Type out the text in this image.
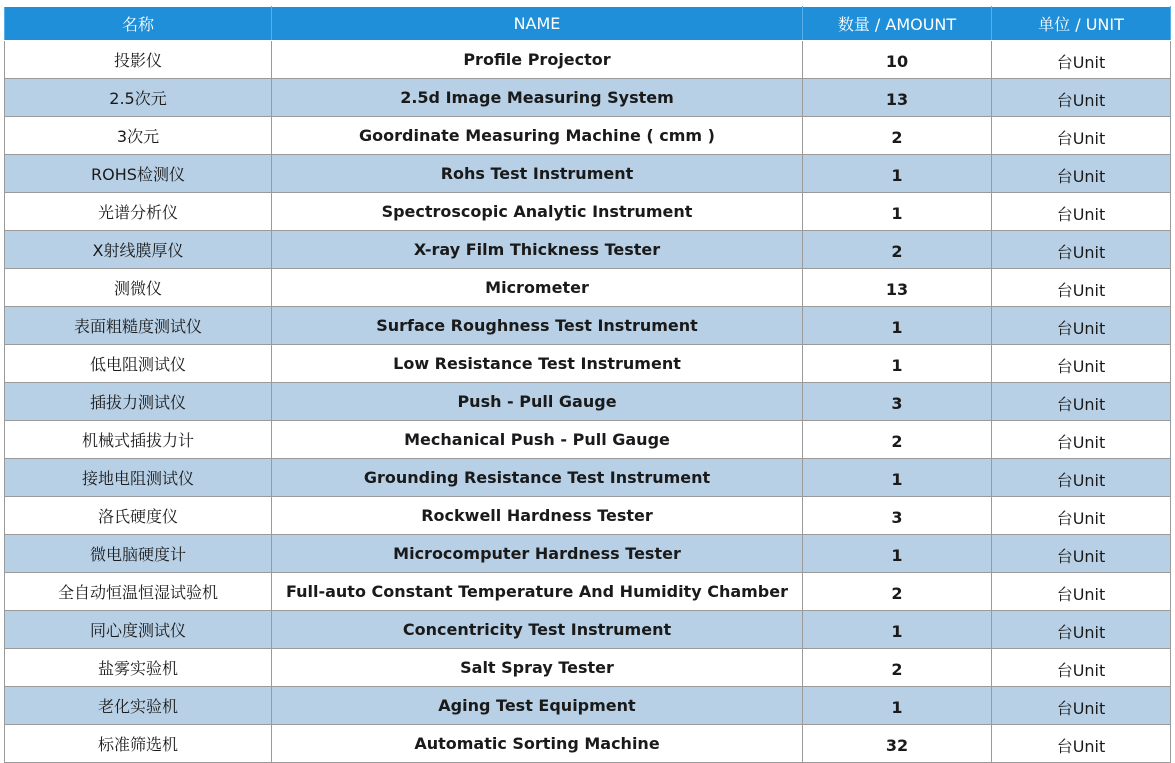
名称	NAME	数量 / AMOUNT	单位 / UNIT
投影仪	Profile Projector	10	台Unit
2.5次元	2.5d Image Measuring System	13	台Unit
3次元	Goordinate Measuring Machine ( cmm )	2	台Unit
ROHS检测仪	Rohs Test Instrument	1	台Unit
光谱分析仪	Spectroscopic Analytic Instrument	1	台Unit
X射线膜厚仪	X-ray Film Thickness Tester	2	台Unit
测微仪	Micrometer	13	台Unit
表面粗糙度测试仪	Surface Roughness Test Instrument	1	台Unit
低电阻测试仪	Low Resistance Test Instrument	1	台Unit
插拔力测试仪	Push - Pull Gauge	3	台Unit
机械式插拔力计	Mechanical Push - Pull Gauge	2	台Unit
接地电阻测试仪	Grounding Resistance Test Instrument	1	台Unit
洛氏硬度仪	Rockwell Hardness Tester	3	台Unit
微电脑硬度计	Microcomputer Hardness Tester	1	台Unit
全自动恒温恒湿试验机	Full-auto Constant Temperature And Humidity Chamber	2	台Unit
同心度测试仪	Concentricity Test Instrument	1	台Unit
盐雾实验机	Salt Spray Tester	2	台Unit
老化实验机	Aging Test Equipment	1	台Unit
标准筛选机	Automatic Sorting Machine	32	台Unit
